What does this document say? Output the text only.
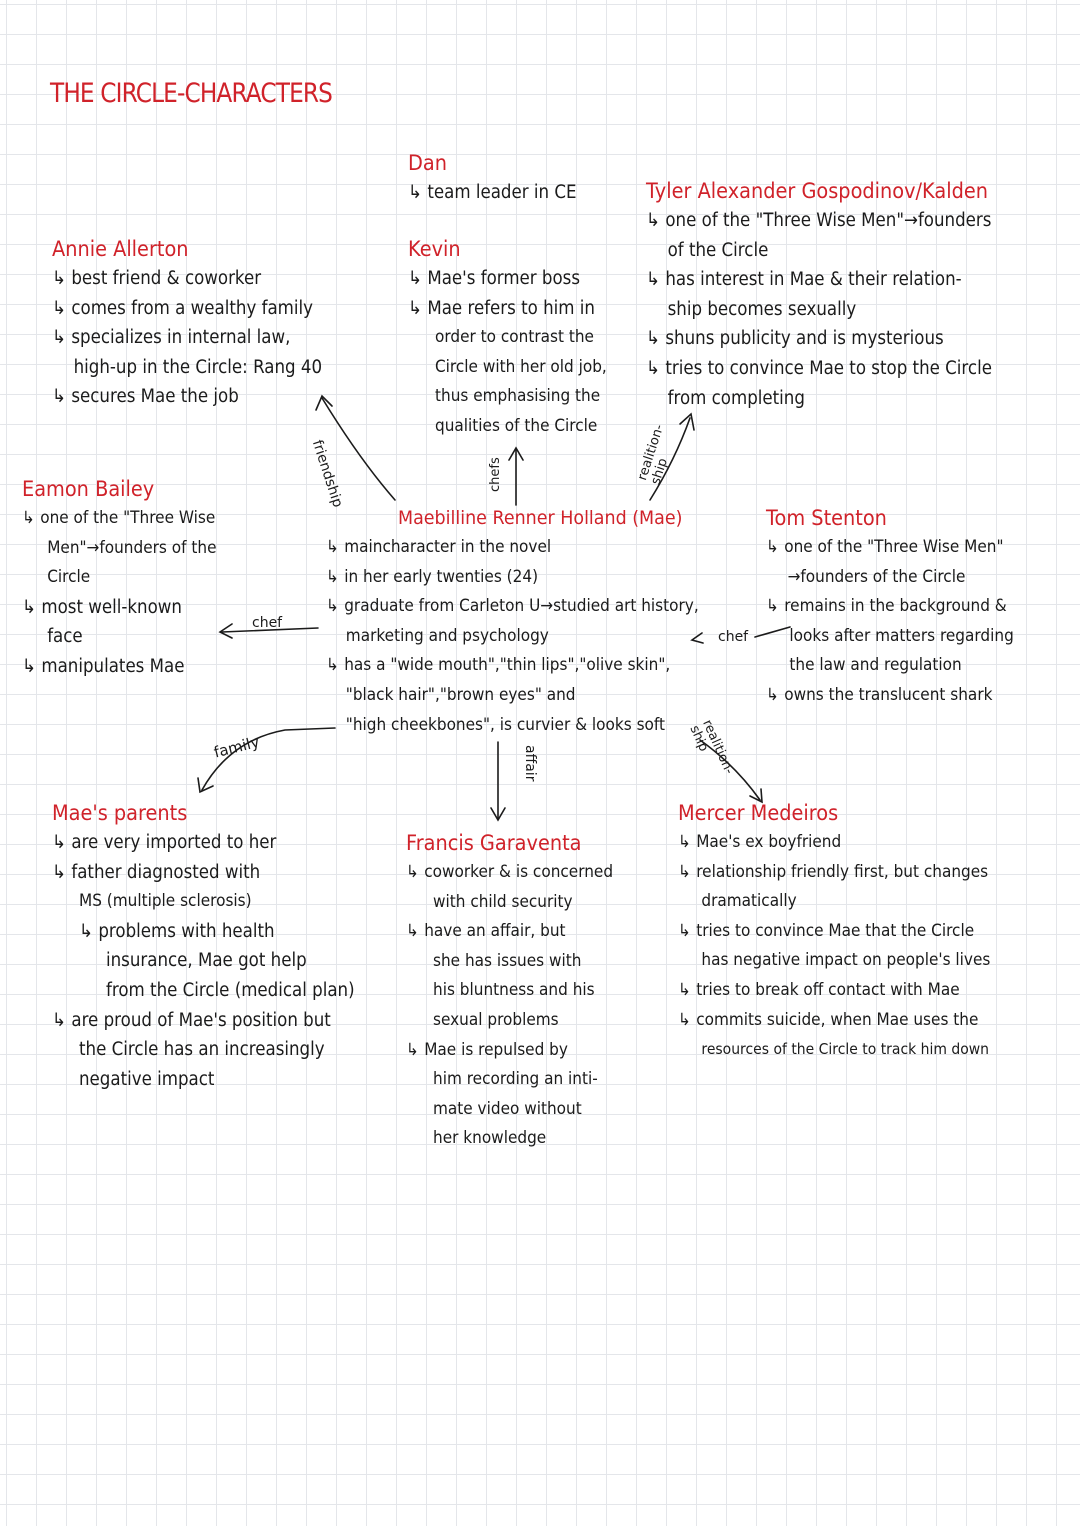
THE CIRCLE-CHARACTERS
Dan
↳ team leader in CE	Tyler Alexander Gospodinov/Kalden
↳ one of the "Three Wise Men"→founders
of the Circle
↳ has interest in Mae & their relation-
ship becomes sexually
↳ shuns publicity and is mysterious
↳ tries to convince Mae to stop the Circle
from completing
Annie Allerton
↳ best friend & coworker
↳ comes from a wealthy family
↳ specializes in internal law,
high-up in the Circle: Rang 40
↳ secures Mae the job
Kevin
↳ Mae's former boss
↳ Mae refers to him in
order to contrast the
Circle with her old job,
thus emphasising the
qualities of the Circle
Eamon Bailey
↳ one of the "Three Wise
Men"→founders of the
Circle
↳ most well-known
face
↳ manipulates Mae
Maebilline Renner Holland (Mae)
↳ maincharacter in the novel
↳ in her early twenties (24)
↳ graduate from Carleton U→studied art history,
marketing and psychology
↳ has a "wide mouth","thin lips","olive skin",
"black hair","brown eyes" and
"high cheekbones", is curvier & looks soft
Tom Stenton
↳ one of the "Three Wise Men"
→founders of the Circle
↳ remains in the background &
looks after matters regarding
the law and regulation
↳ owns the translucent shark
Mae's parents
↳ are very imported to her
↳ father diagnosted with
MS (multiple sclerosis)
↳ problems with health
insurance, Mae got help
from the Circle (medical plan)
↳ are proud of Mae's position but
the Circle has an increasingly
negative impact
Francis Garaventa
↳ coworker & is concerned
with child security
↳ have an affair, but
she has issues with
his bluntness and his
sexual problems
↳ Mae is repulsed by
him recording an inti-
mate video without
her knowledge
Mercer Medeiros
↳ Mae's ex boyfriend
↳ relationship friendly first, but changes
dramatically
↳ tries to convince Mae that the Circle
has negative impact on people's lives
↳ tries to break off contact with Mae
↳ commits suicide, when Mae uses the
resources of the Circle to track him down
friendship	chefs	realition-ship
chef
chef
family	affair	realition-ship
